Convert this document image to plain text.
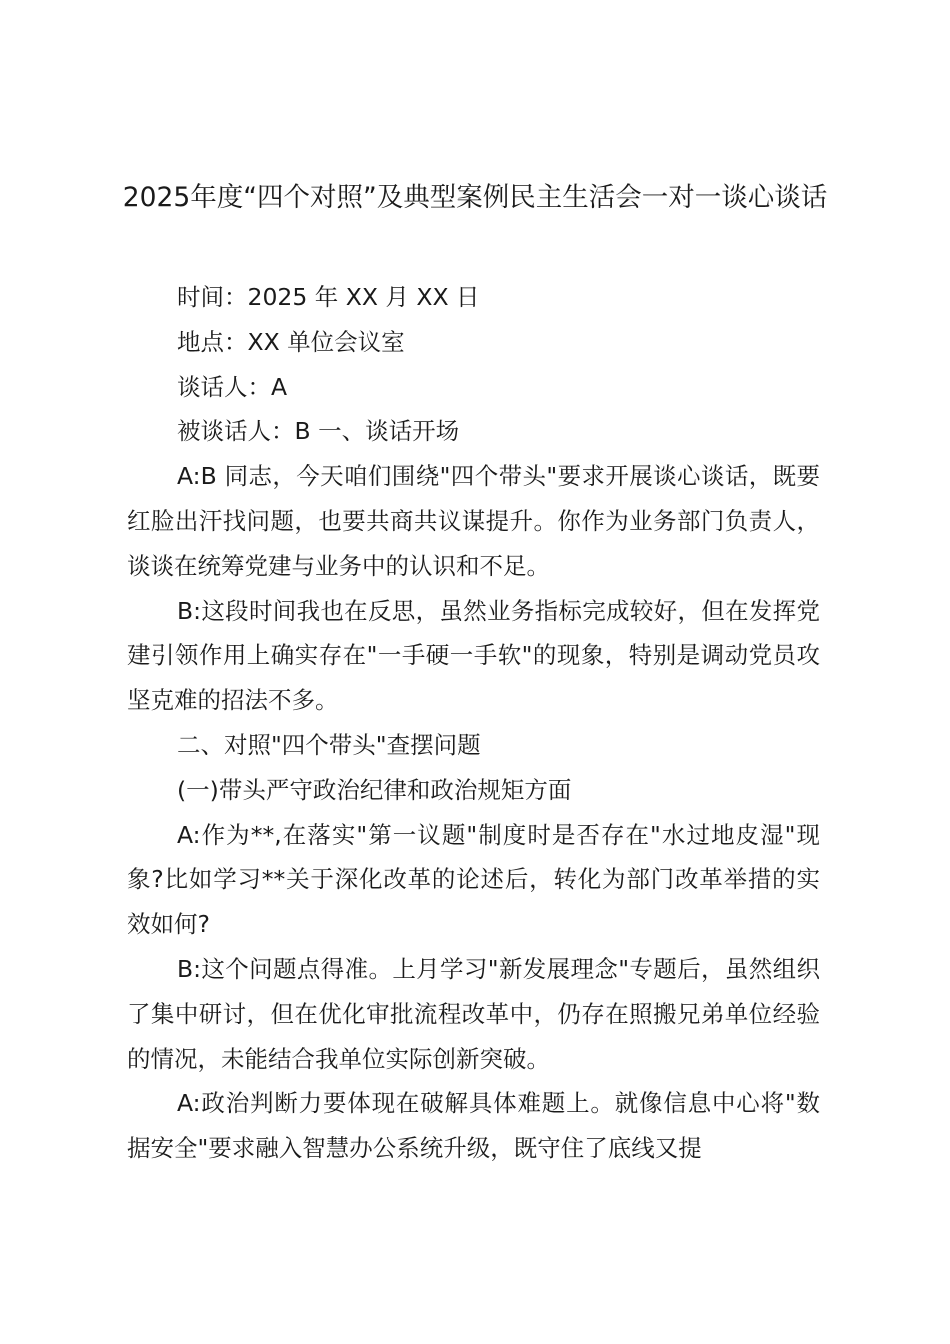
2025年度“四个对照”及典型案例民主生活会一对一谈心谈话

时间：2025 年 XX 月 XX 日

地点：XX 单位会议室

谈话人：A

被谈话人：B 一、谈话开场

A:B 同志，今天咱们围绕"四个带头"要求开展谈心谈话，既要红脸出汗找问题，也要共商共议谋提升。你作为业务部门负责人，谈谈在统筹党建与业务中的认识和不足。

B:这段时间我也在反思，虽然业务指标完成较好，但在发挥党建引领作用上确实存在"一手硬一手软"的现象，特别是调动党员攻坚克难的招法不多。

二、对照"四个带头"查摆问题

(一)带头严守政治纪律和政治规矩方面

A:作为**,在落实"第一议题"制度时是否存在"水过地皮湿"现象?比如学习**关于深化改革的论述后，转化为部门改革举措的实效如何?

B:这个问题点得准。上月学习"新发展理念"专题后，虽然组织了集中研讨，但在优化审批流程改革中，仍存在照搬兄弟单位经验的情况，未能结合我单位实际创新突破。

A:政治判断力要体现在破解具体难题上。就像信息中心将"数据安全"要求融入智慧办公系统升级，既守住了底线又提
